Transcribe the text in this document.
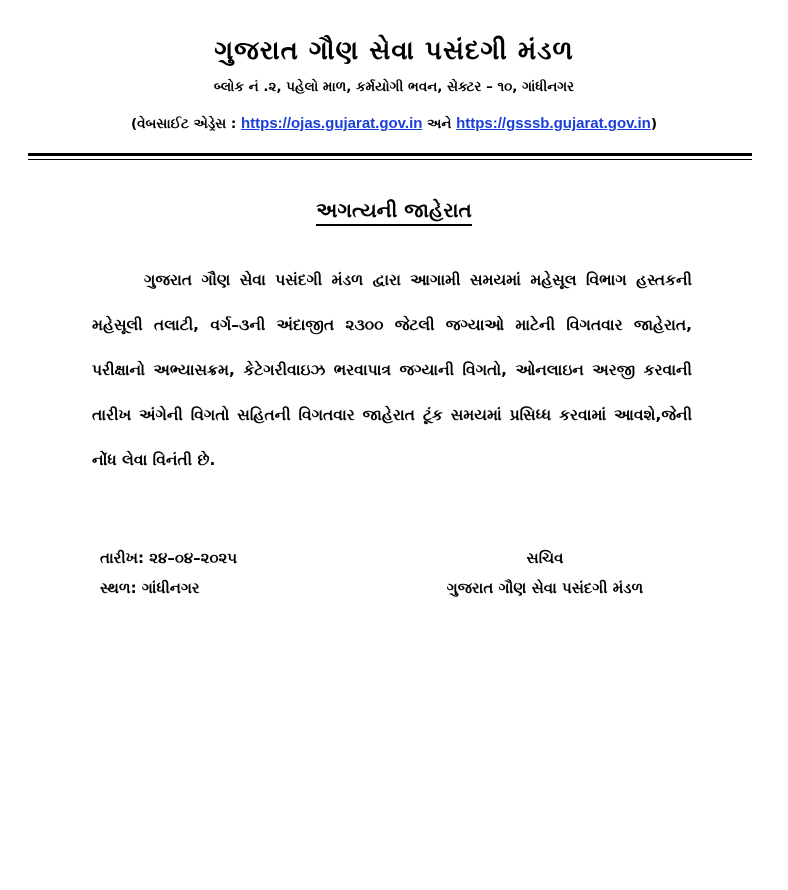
ગુજરાત ગૌણ સેવા પસંદગી મંડળ
બ્લોક નં .૨, પહેલો માળ, કર્મયોગી ભવન, સેક્ટર – ૧૦, ગાંધીનગર
(વેબસાઈટ એડ્રેસ : https://ojas.gujarat.gov.in અને https://gsssb.gujarat.gov.in)
અગત્યની જાહેરાત

ગુજરાત ગૌણ સેવા પસંદગી મંડળ દ્વારા આગામી સમયમાં મહેસૂલ વિભાગ હસ્તકની મહેસૂલી તલાટી, વર્ગ–૩ની અંદાજીત ૨૩૦૦ જેટલી જગ્યાઓ માટેની વિગતવાર જાહેરાત, પરીક્ષાનો અભ્યાસક્રમ, કેટેગરીવાઇઝ ભરવાપાત્ર જગ્યાની વિગતો, ઓનલાઇન અરજી કરવાની તારીખ અંગેની વિગતો સહિતની વિગતવાર જાહેરાત ટૂંક સમયમાં પ્રસિધ્ધ કરવામાં આવશે,જેની નોંધ લેવા વિનંતી છે.

તારીખ: ૨૪–૦૪–૨૦૨૫
સ્થળ: ગાંધીનગર
સચિવ
ગુજરાત ગૌણ સેવા પસંદગી મંડળ
